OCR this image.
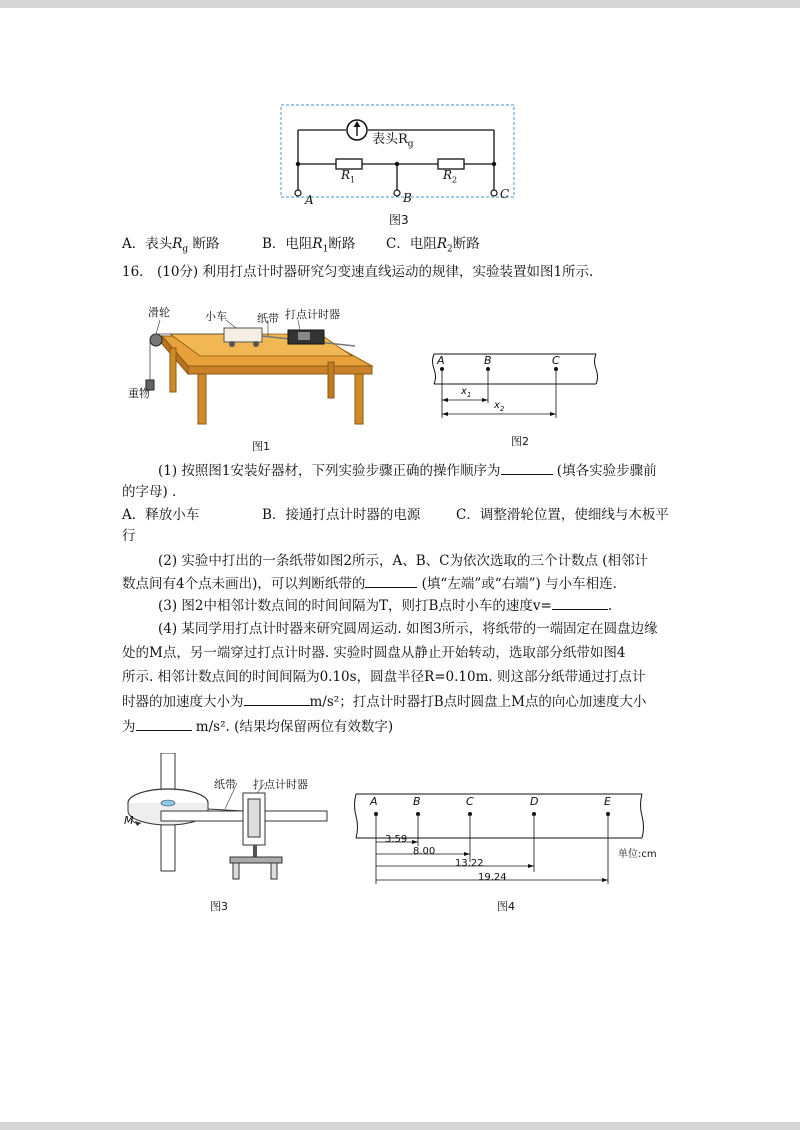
表头$R_g$
$R_1$	$R_2$
A	B	C
图3
A．表头$R_g$ 断路	B．电阻$R_1$断路 C．电阻$R_2$断路
16． (10分) 利用打点计时器研究匀变速直线运动的规律，实验装置如图1所示.
滑轮	小车	纸带 打点计时器
重物
图1
A	B	C
$x_1$
$x_2$
图2
(1) 按照图1安装好器材，下列实验步骤正确的操作顺序为	(填各实验步骤前
的字母) .
A．释放小车	B．接通打点计时器的电源	C．调整滑轮位置，使细线与木板平
行
(2) 实验中打出的一条纸带如图2所示，A、B、C为依次选取的三个计数点 (相邻计
数点间有4个点未画出)，可以判断纸带的	(填“左端”或“右端”) 与小车相连.
(3) 图2中相邻计数点间的时间间隔为T，则打B点时小车的速度v=	.
(4) 某同学用打点计时器来研究圆周运动. 如图3所示，将纸带的一端固定在圆盘边缘
处的M点，另一端穿过打点计时器. 实验时圆盘从静止开始转动，选取部分纸带如图4
所示. 相邻计数点间的时间间隔为0.10s，圆盘半径R=0.10m. 则这部分纸带通过打点计
时器的加速度大小为	m/s²；打点计时器打B点时圆盘上M点的向心加速度大小
为	m/s². (结果均保留两位有效数字)
纸带 打点计时器
M
图3
A	B	C	D	E
3.59
8.00
13.22
19.24
单位:cm
图4
